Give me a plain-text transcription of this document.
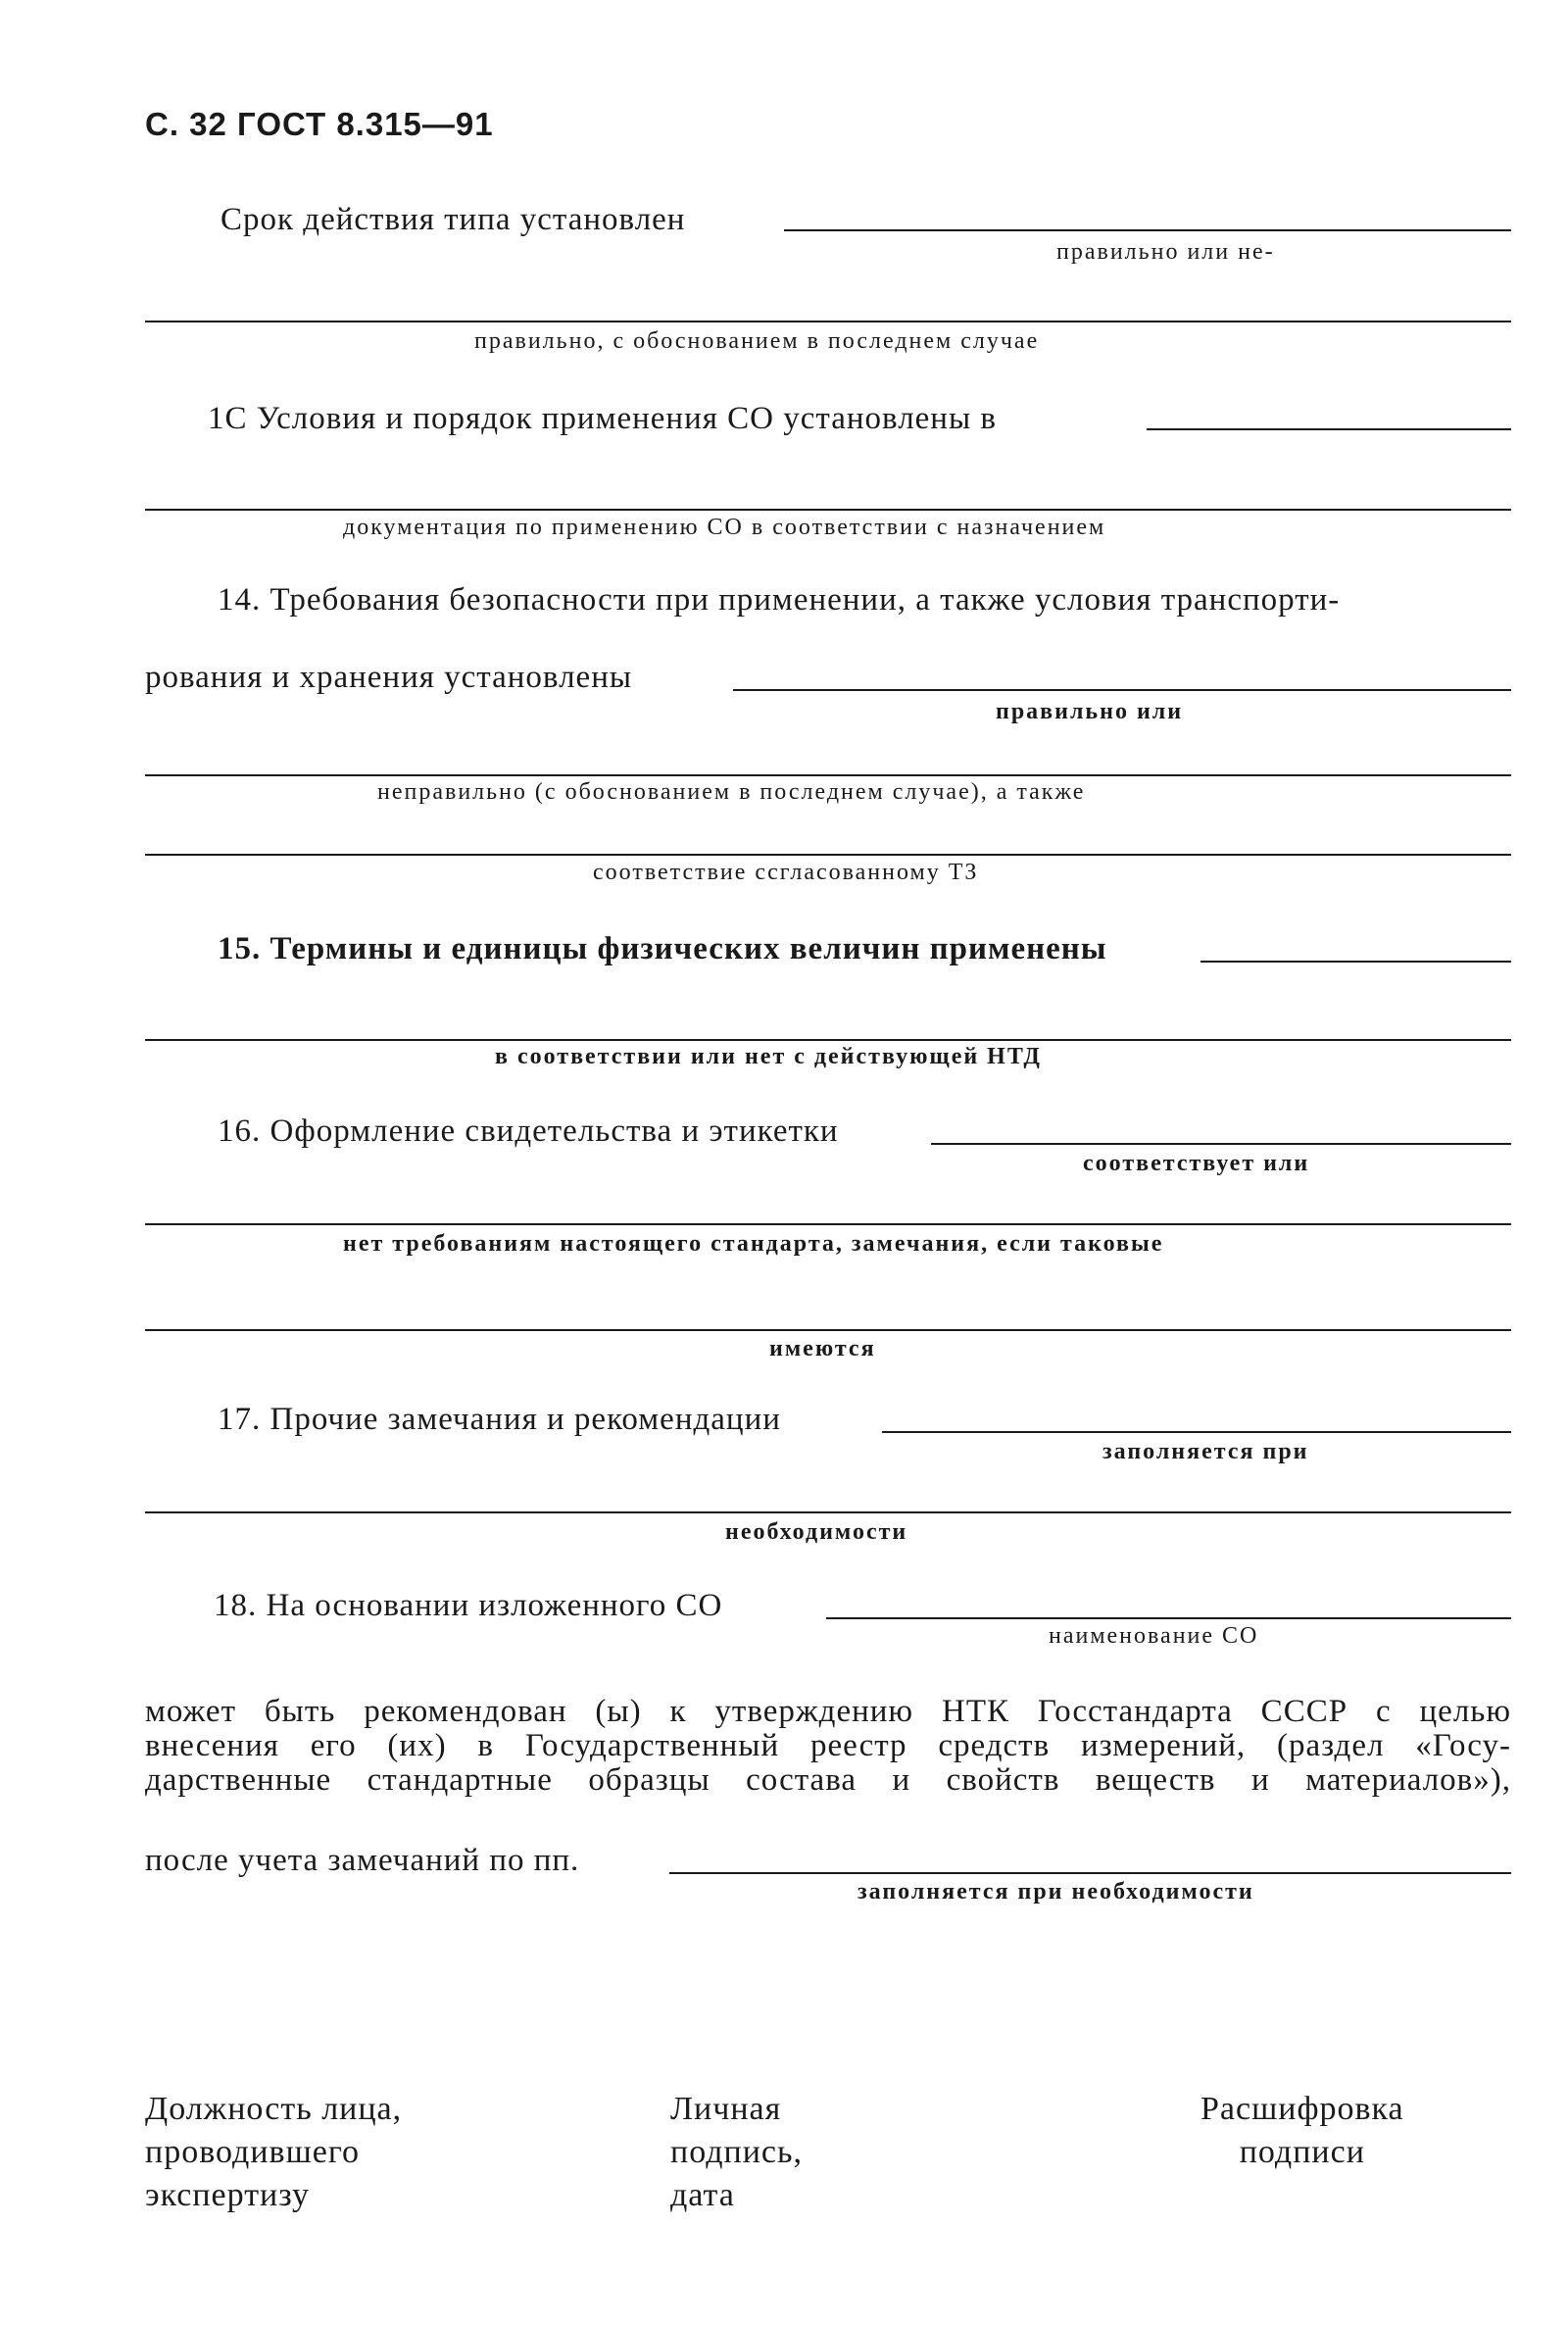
С. 32 ГОСТ 8.315—91
Срок действия типа установлен
правильно или не-
правильно, с обоснованием в последнем случае
1С Условия и порядок применения СО установлены в
документация по применению СО в соответствии с назначением
14. Требования безопасности при применении, а также условия транспорти-
рования и хранения установлены
правильно или
неправильно (с обоснованием в последнем случае), а также
соответствие ссгласованному ТЗ
15. Термины и единицы физических величин применены
в соответствии или нет с действующей НТД
16. Оформление свидетельства и этикетки
соответствует или
нет требованиям настоящего стандарта, замечания, если таковые
имеются
17. Прочие замечания и рекомендации
заполняется при
необходимости
18. На основании изложенного СО
наименование СО
может быть рекомендован (ы) к утверждению НТК Госстандарта СССР с целью
внесения его (их) в Государственный реестр средств измерений, (раздел «Госу-
дарственные стандартные образцы состава и свойств веществ и материалов»),
после учета замечаний по пп.
заполняется при необходимости
Должность лица,
проводившего
экспертизу
Личная
подпись,
дата
Расшифровка
подписи
